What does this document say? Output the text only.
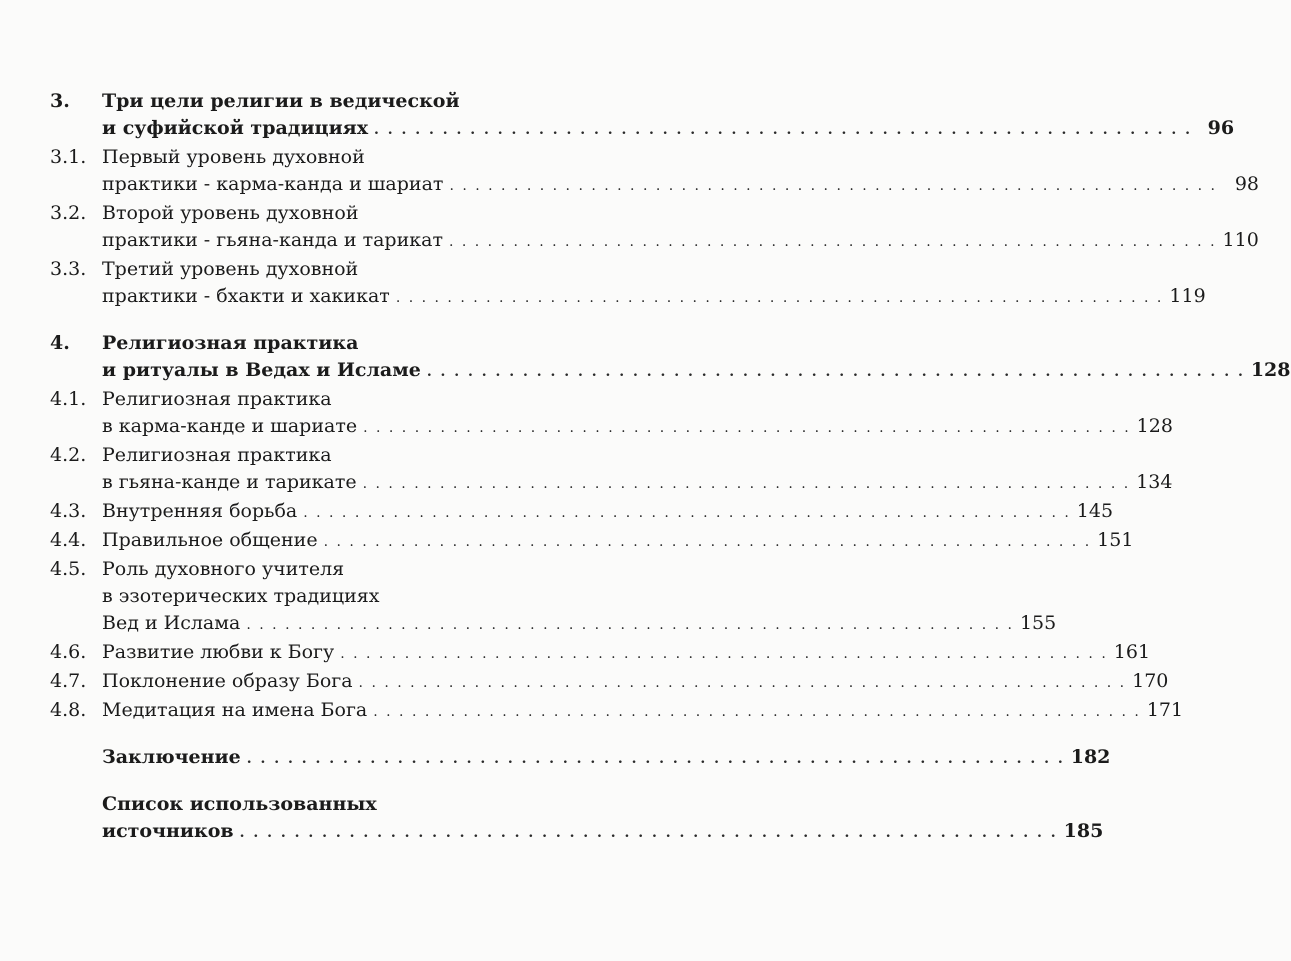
3.	Три цели религии в ведической
и суфийской традициях . . . . . . . . . . . . . . . . . . . . . . . . . . . . . . . . . . . . . . . . . . . . . . . . . . . . . . . . . . . . 96
3.1. Первый уровень духовной
практики - карма-канда и шариат . . . . . . . . . . . . . . . . . . . . . . . . . . . . . . . . . . . . . . . . . . . . . . . . . . . . . . . . . . . . 98
3.2. Второй уровень духовной
практики - гьяна-канда и тарикат . . . . . . . . . . . . . . . . . . . . . . . . . . . . . . . . . . . . . . . . . . . . . . . . . . . . . . . . . . . . 110
3.3. Третий уровень духовной
практики - бхакти и хакикат . . . . . . . . . . . . . . . . . . . . . . . . . . . . . . . . . . . . . . . . . . . . . . . . . . . . . . . . . . . . 119
4.	Религиозная практика
и ритуалы в Ведах и Исламе . . . . . . . . . . . . . . . . . . . . . . . . . . . . . . . . . . . . . . . . . . . . . . . . . . . . . . . . . . . . 128
4.1. Религиозная практика
в карма-канде и шариате . . . . . . . . . . . . . . . . . . . . . . . . . . . . . . . . . . . . . . . . . . . . . . . . . . . . . . . . . . . . 128
4.2. Религиозная практика
в гьяна-канде и тарикате . . . . . . . . . . . . . . . . . . . . . . . . . . . . . . . . . . . . . . . . . . . . . . . . . . . . . . . . . . . . 134
4.3. Внутренняя борьба . . . . . . . . . . . . . . . . . . . . . . . . . . . . . . . . . . . . . . . . . . . . . . . . . . . . . . . . . . . . 145
4.4. Правильное общение . . . . . . . . . . . . . . . . . . . . . . . . . . . . . . . . . . . . . . . . . . . . . . . . . . . . . . . . . . . . 151
4.5. Роль духовного учителя
в эзотерических традициях
Вед и Ислама . . . . . . . . . . . . . . . . . . . . . . . . . . . . . . . . . . . . . . . . . . . . . . . . . . . . . . . . . . . . 155
4.6. Развитие любви к Богу . . . . . . . . . . . . . . . . . . . . . . . . . . . . . . . . . . . . . . . . . . . . . . . . . . . . . . . . . . . . 161
4.7. Поклонение образу Бога . . . . . . . . . . . . . . . . . . . . . . . . . . . . . . . . . . . . . . . . . . . . . . . . . . . . . . . . . . . . 170
4.8. Медитация на имена Бога . . . . . . . . . . . . . . . . . . . . . . . . . . . . . . . . . . . . . . . . . . . . . . . . . . . . . . . . . . . . 171
Заключение . . . . . . . . . . . . . . . . . . . . . . . . . . . . . . . . . . . . . . . . . . . . . . . . . . . . . . . . . . . . 182
Список использованных
источников . . . . . . . . . . . . . . . . . . . . . . . . . . . . . . . . . . . . . . . . . . . . . . . . . . . . . . . . . . . . 185
